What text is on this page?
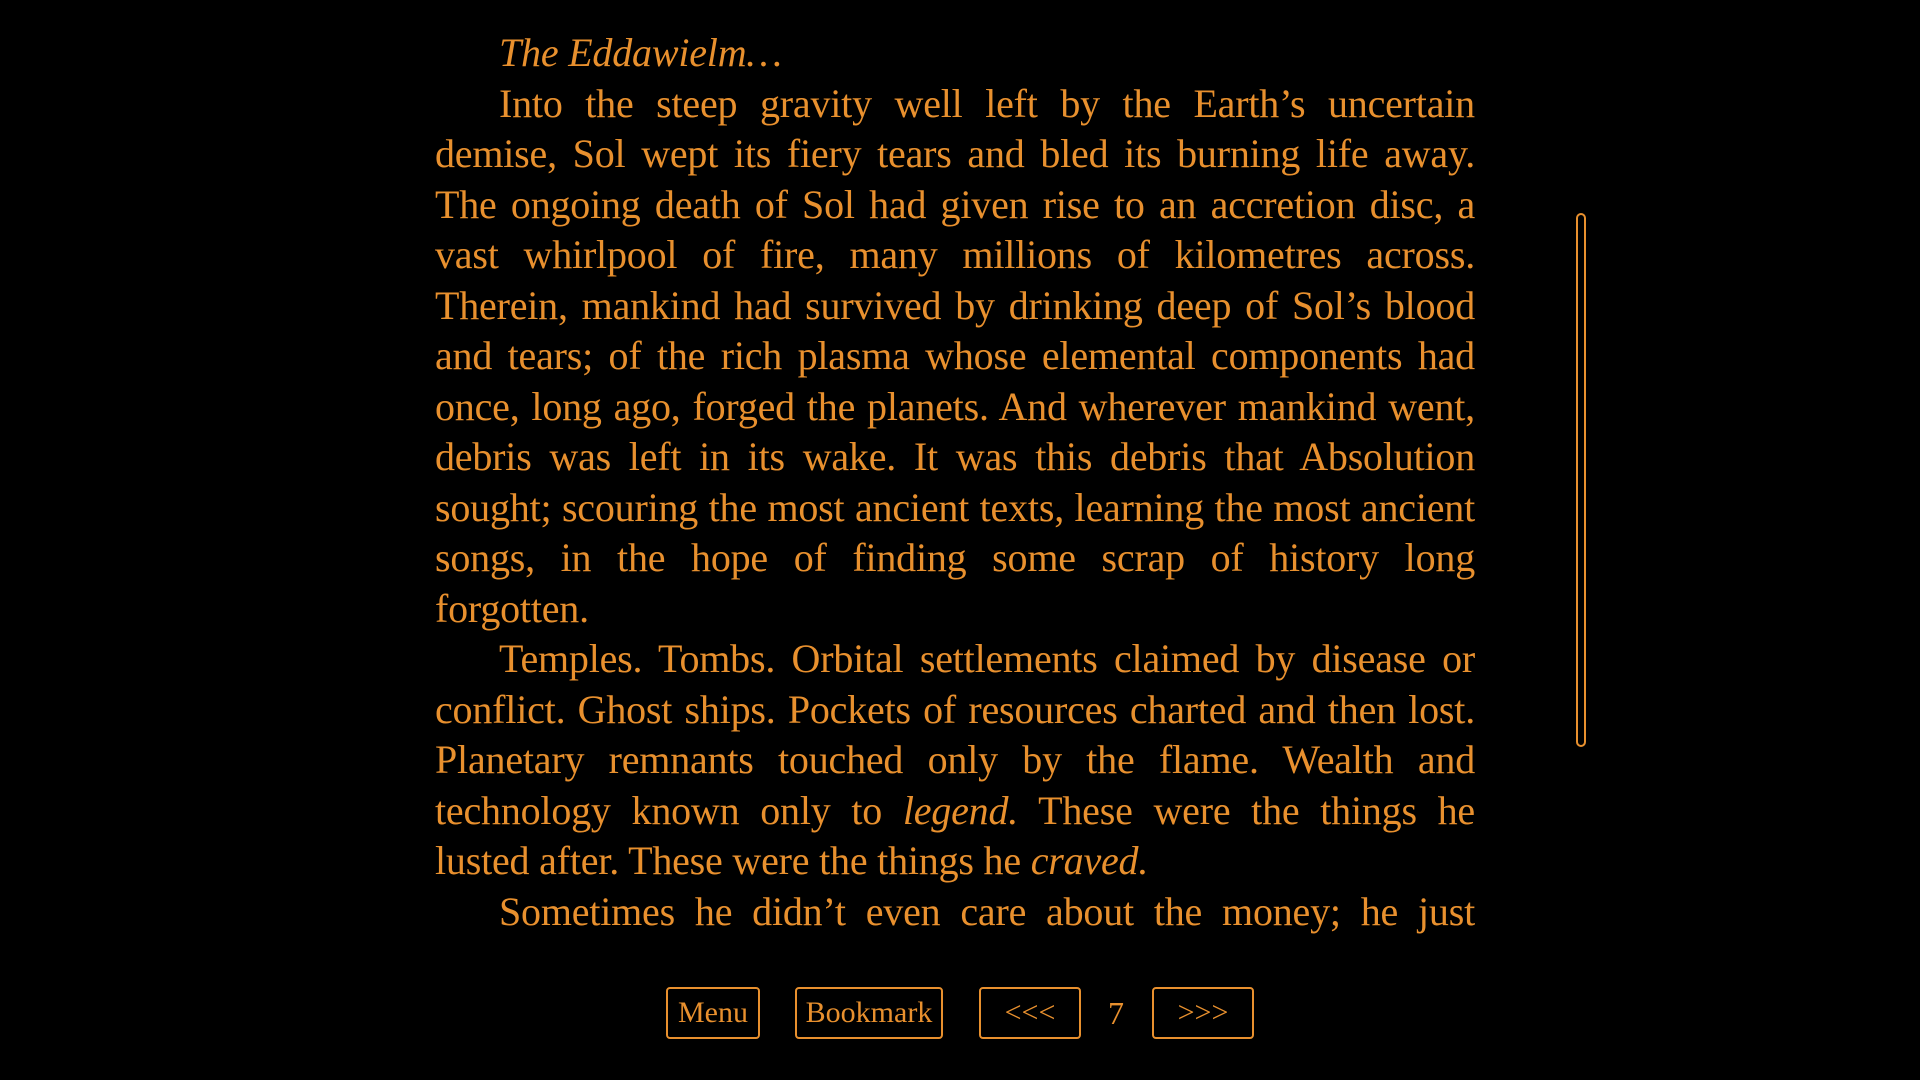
The Eddawielm…

Into the steep gravity well left by the Earth’s uncertain demise, Sol wept its fiery tears and bled its burning life away. The ongoing death of Sol had given rise to an accretion disc, a vast whirlpool of fire, many millions of kilometres across. Therein, mankind had survived by drinking deep of Sol’s blood and tears; of the rich plasma whose elemental components had once, long ago, forged the planets. And wherever mankind went, debris was left in its wake. It was this debris that Absolution sought; scouring the most ancient texts, learning the most ancient songs, in the hope of finding some scrap of history long forgotten.

Temples. Tombs. Orbital settlements claimed by disease or conflict. Ghost ships. Pockets of resources charted and then lost. Planetary remnants touched only by the flame. Wealth and technology known only to legend. These were the things he lusted after. These were the things he craved.

Sometimes he didn’t even care about the money; he just

Menu	Bookmark	<<<	7	>>>
